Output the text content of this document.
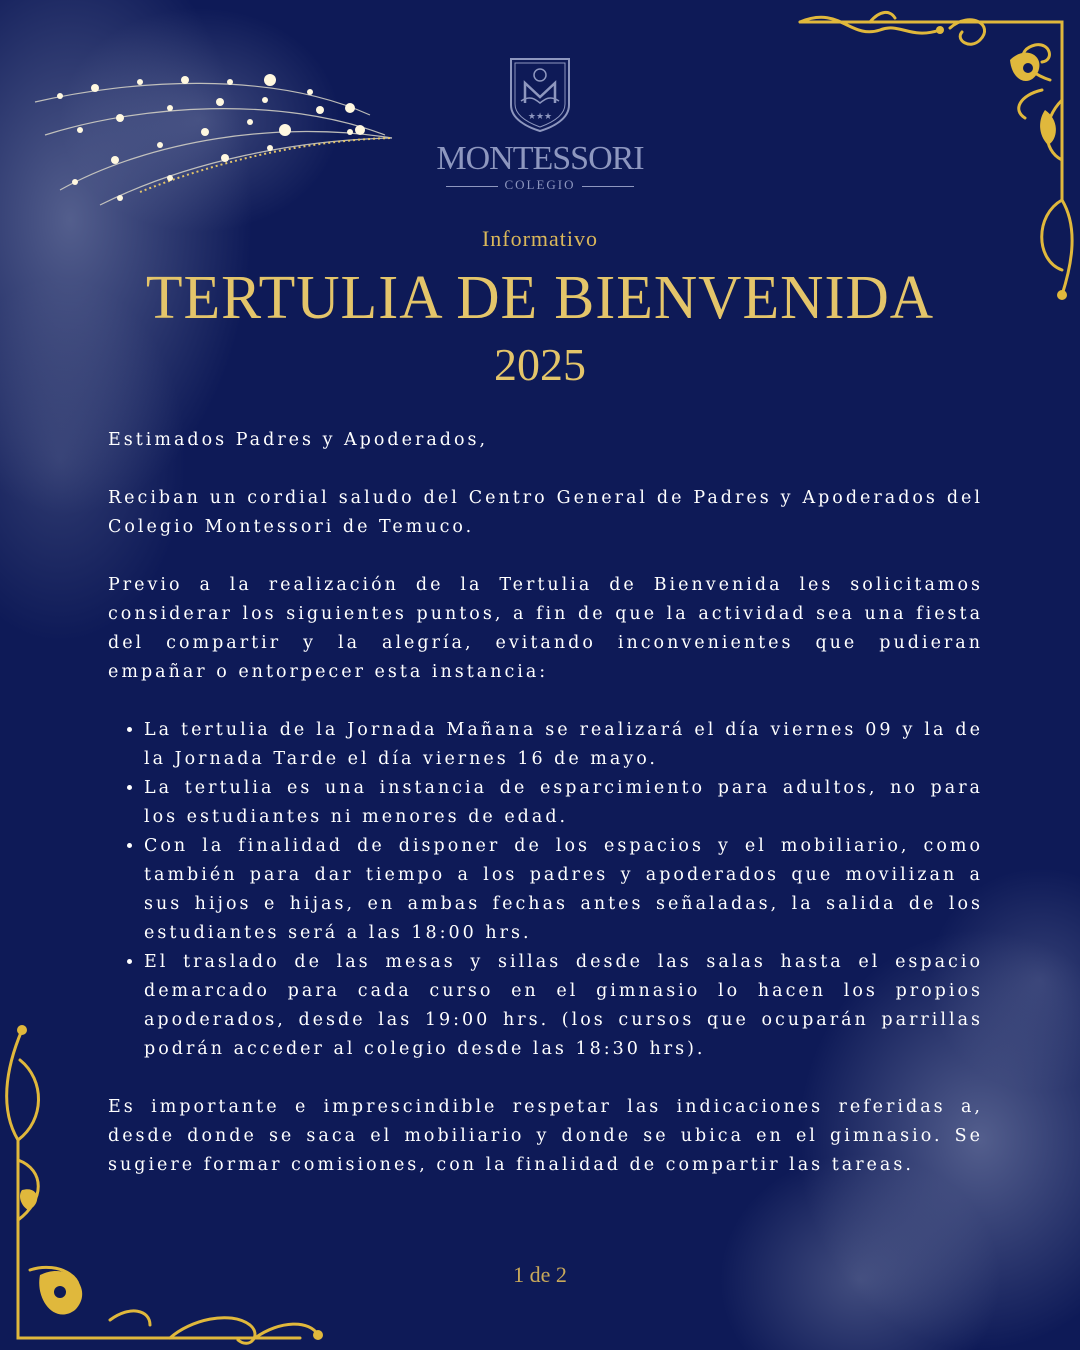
★★★
MONTESSORI
COLEGIO
Informativo
TERTULIA DE BIENVENIDA
2025

Estimados Padres y Apoderados,

Reciban un cordial saludo del Centro General de Padres y Apoderados del Colegio Montessori de Temuco.

Previo a la realización de la Tertulia de Bienvenida les solicitamos considerar los siguientes puntos, a fin de que la actividad sea una fiesta del compartir y la alegría, evitando inconvenientes que pudieran empañar o entorpecer esta instancia:

• La tertulia de la Jornada Mañana se realizará el día viernes 09 y la de la Jornada Tarde el día viernes 16 de mayo.
• La tertulia es una instancia de esparcimiento para adultos, no para los estudiantes ni menores de edad.
• Con la finalidad de disponer de los espacios y el mobiliario, como también para dar tiempo a los padres y apoderados que movilizan a sus hijos e hijas, en ambas fechas antes señaladas, la salida de los estudiantes será a las 18:00 hrs.
• El traslado de las mesas y sillas desde las salas hasta el espacio demarcado para cada curso en el gimnasio lo hacen los propios apoderados, desde las 19:00 hrs. (los cursos que ocuparán parrillas podrán acceder al colegio desde las 18:30 hrs).

Es importante e imprescindible respetar las indicaciones referidas a, desde donde se saca el mobiliario y donde se ubica en el gimnasio. Se sugiere formar comisiones, con la finalidad de compartir las tareas.

1 de 2
